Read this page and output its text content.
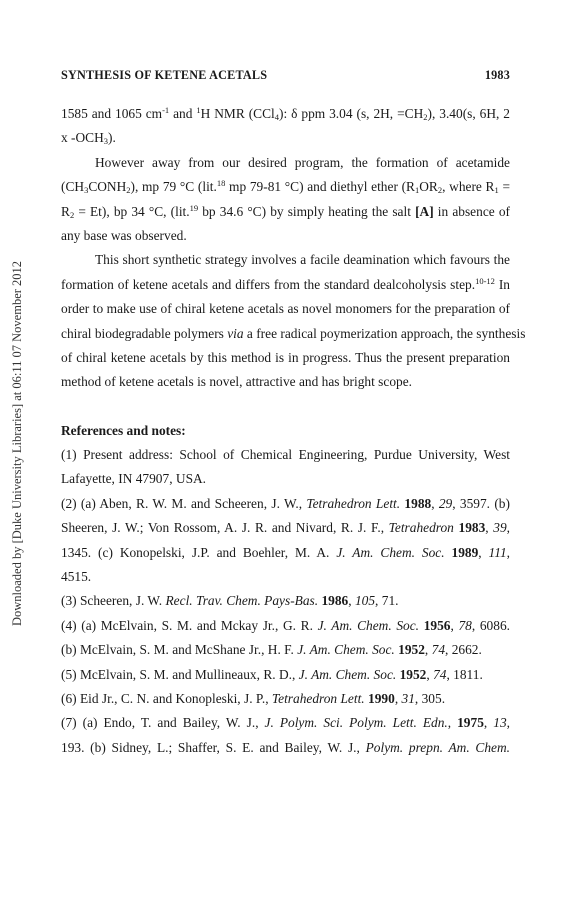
Downloaded by [Duke University Libraries] at 06:11 07 November 2012
SYNTHESIS OF KETENE ACETALS	1983
1585 and 1065 $cm^{-1}$ and $^1$H NMR (CCl$_4$): δ ppm 3.04 (s, 2H, $=CH_2$), 3.40(s, 6H, 2
x $-OCH_3$).
However away from our desired program, the formation of acetamide
$(CH_3CONH_2)$, mp 79 °C (lit.$^{18}$ mp 79-81 °C) and diethyl ether ($R_1OR_2$, where $R_1$ =
$R_2 = Et$), bp 34 °C, (lit.$^{19}$ bp 34.6 °C) by simply heating the salt [A] in absence of
any base was observed.
This short synthetic strategy involves a facile deamination which favours the
formation of ketene acetals and differs from the standard dealcoholysis step.$^{10-12}$ In
order to make use of chiral ketene acetals as novel monomers for the preparation of
chiral biodegradable polymers via a free radical poymerization approach, the synthesis
of chiral ketene acetals by this method is in progress. Thus the present preparation
method of ketene acetals is novel, attractive and has bright scope.
References and notes:
(1) Present address: School of Chemical Engineering, Purdue University, West
Lafayette, IN 47907, USA.
(2) (a) Aben, R. W. M. and Scheeren, J. W., Tetrahedron Lett. 1988, 29, 3597. (b)
Sheeren, J. W.; Von Rossom, A. J. R. and Nivard, R. J. F., Tetrahedron 1983, 39,
1345. (c) Konopelski, J.P. and Boehler, M. A. J. Am. Chem. Soc. 1989, 111,
4515.
(3) Scheeren, J. W. Recl. Trav. Chem. Pays-Bas. 1986, 105, 71.
(4) (a) McElvain, S. M. and Mckay Jr., G. R. J. Am. Chem. Soc. 1956, 78, 6086.
(b) McElvain, S. M. and McShane Jr., H. F. J. Am. Chem. Soc. 1952, 74, 2662.
(5) McElvain, S. M. and Mullineaux, R. D., J. Am. Chem. Soc. 1952, 74, 1811.
(6) Eid Jr., C. N. and Konopleski, J. P., Tetrahedron Lett. 1990, 31, 305.
(7) (a) Endo, T. and Bailey, W. J., J. Polym. Sci. Polym. Lett. Edn., 1975, 13,
193. (b) Sidney, L.; Shaffer, S. E. and Bailey, W. J., Polym. prepn. Am. Chem.
